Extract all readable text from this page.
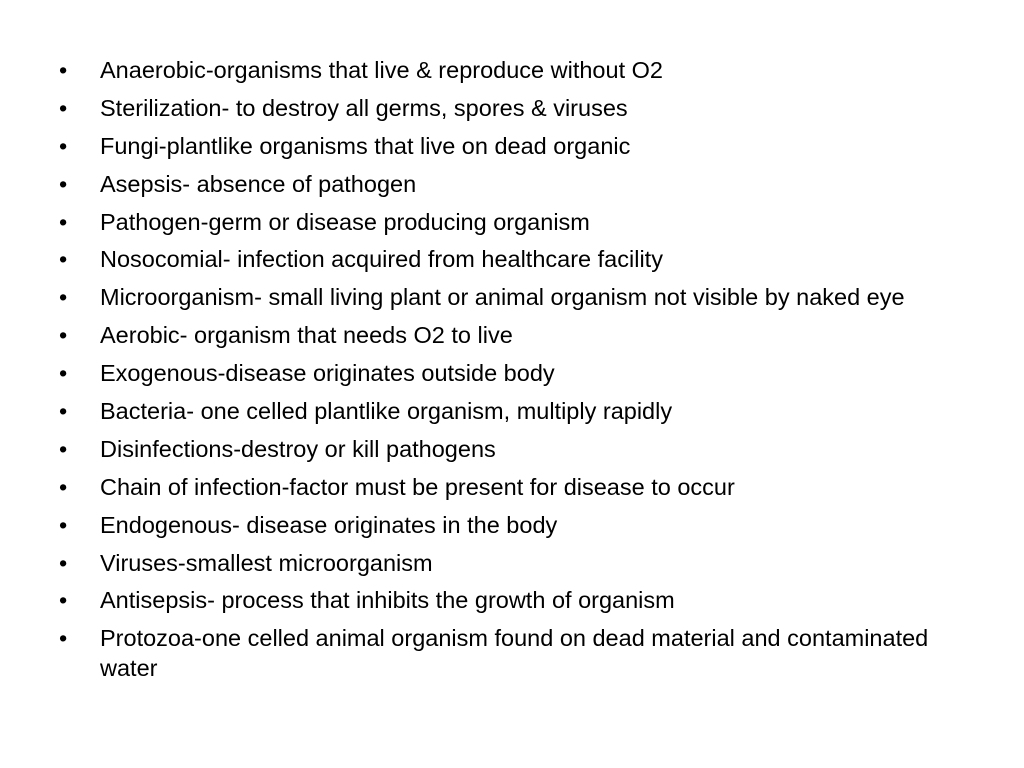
•	Anaerobic-organisms that live & reproduce without O2
•	Sterilization- to destroy all germs, spores & viruses
•	Fungi-plantlike organisms that live on dead organic
•	Asepsis- absence of pathogen
•	Pathogen-germ or disease producing organism
•	Nosocomial- infection acquired from healthcare facility
•	Microorganism- small living plant or animal organism not visible by naked eye
•	Aerobic- organism that needs O2 to live
•	Exogenous-disease originates outside body
•	Bacteria- one celled plantlike organism, multiply rapidly
•	Disinfections-destroy or kill pathogens
•	Chain of infection-factor must be present for disease to occur
•	Endogenous- disease originates in the body
•	Viruses-smallest microorganism
•	Antisepsis- process that inhibits the growth of organism
•	Protozoa-one celled animal organism found on dead material and contaminated water
